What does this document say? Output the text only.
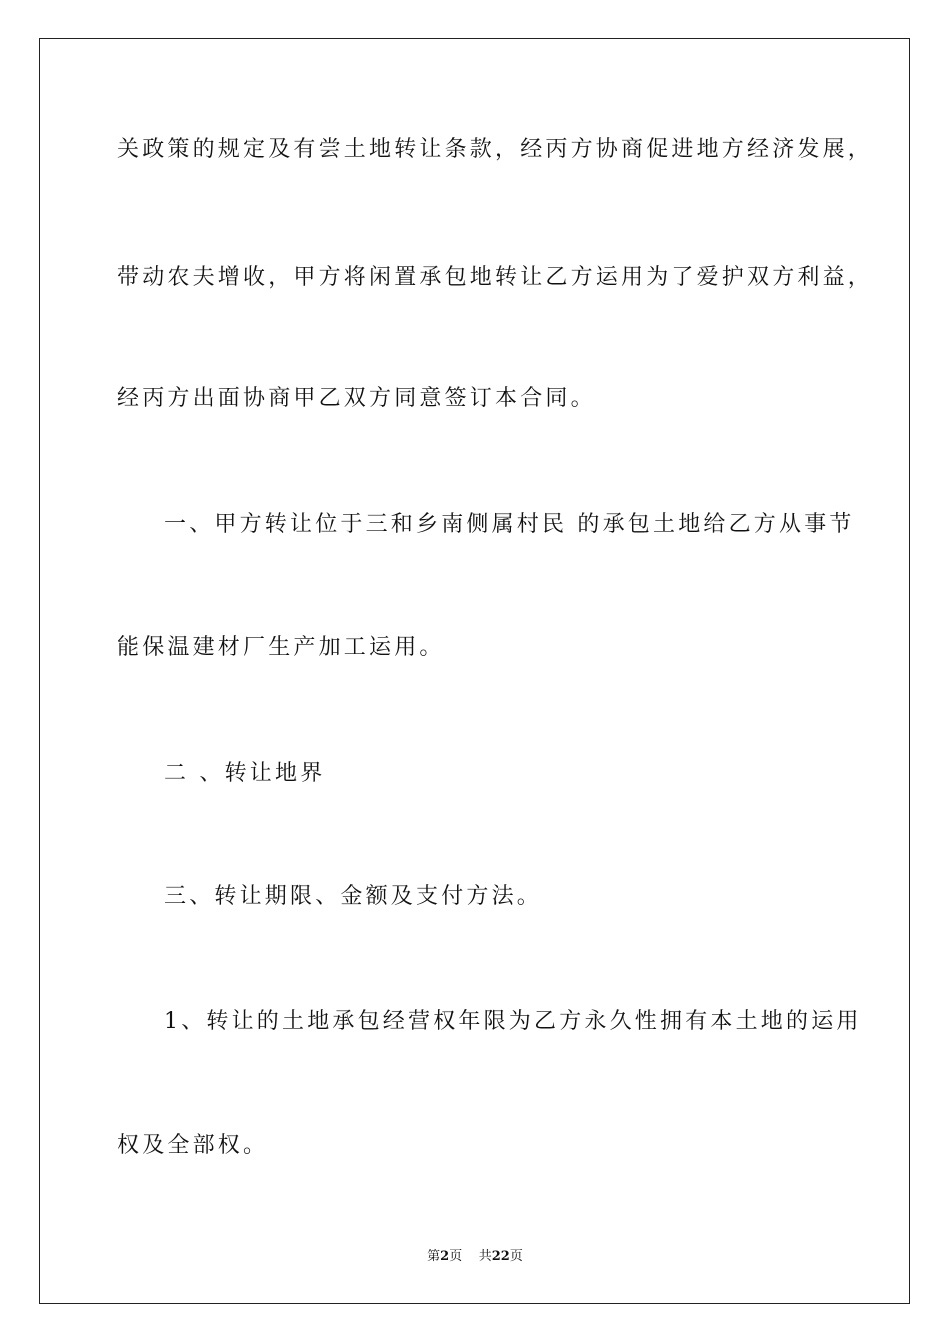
关政策的规定及有尝土地转让条款，经丙方协商促进地方经济发展，
带动农夫增收，甲方将闲置承包地转让乙方运用为了爱护双方利益，
经丙方出面协商甲乙双方同意签订本合同。
一、甲方转让位于三和乡南侧属村民 的承包土地给乙方从事节
能保温建材厂生产加工运用。
二 、转让地界
三、转让期限、金额及支付方法。
1、转让的土地承包经营权年限为乙方永久性拥有本土地的运用
权及全部权。
第2页 共22页
